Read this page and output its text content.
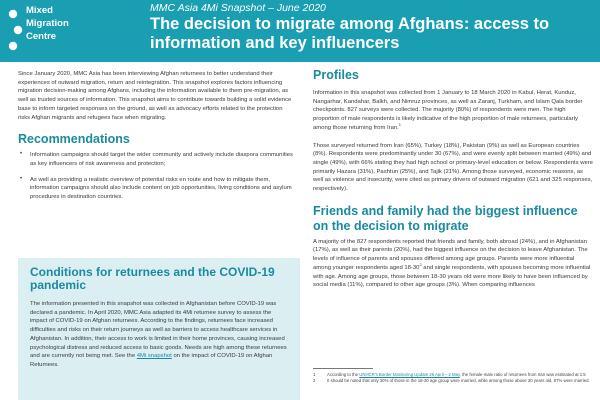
Mixed
Migration
Centre
MMC Asia 4Mi Snapshot – June 2020
The decision to migrate among Afghans: access to information and key influencers

Since January 2020, MMC Asia has been interviewing Afghan returnees to better understand their experiences of outward migration, return and reintegration. This snapshot explores factors influencing migration decision-making among Afghans, including the information available to them pre-migration, as well as trusted sources of information. This snapshot aims to contribute towards building a solid evidence base to inform targeted responses on the ground, as well as advocacy efforts related to the protection risks Afghan migrants and refugees face when migrating.

Recommendations
• Information campaigns should target the wider community and actively include diaspora communities as key influencers of risk awareness and protection;

• As well as providing a realistic overview of potential risks en route and how to mitigate them, information campaigns should also include content on job opportunities, living conditions and asylum procedures in destination countries.

Conditions for returnees and the COVID-19 pandemic

The information presented in this snapshot was collected in Afghanistan before COVID-19 was declared a pandemic. In April 2020, MMC Asia adapted its 4Mi returnee survey to assess the impact of COVID-19 on Afghan returnees. According to the findings, returnees face increased difficulties and risks on their return journeys as well as barriers to access healthcare services in Afghanistan. In addition, their access to work is limited in their home provinces, causing increased psychological distress and reduced access to basic goods. Needs are high among these returnees and are currently not being met. See the 4Mi snapshot on the impact of COVID-19 on Afghan Returnees.

Profiles

Information in this snapshot was collected from 1 January to 18 March 2020 in Kabul, Herat, Kunduz, Nangarhar, Kandahar, Balkh, and Nimruz provinces, as well as Zaranj, Turkham, and Islam Qala border checkpoints. 827 surveys were collected. The majority (80%) of respondents were men. The high proportion of male respondents is likely indicative of the high proportion of male returnees, particularly among those returning from Iran.$^1$

Those surveyed returned from Iran (65%), Turkey (18%), Pakistan (9%) as well as European countries (8%). Respondents were predominantly under 30 (67%), and were evenly split between married (49%) and single (49%), with 66% stating they had high school or primary-level education or below. Respondents were primarily Hazara (31%), Pashtun (25%), and Tajik (21%). Among those surveyed, economic reasons, as well as violence and insecurity, were cited as primary drivers of outward migration (621 and 325 responses, respectively).

Friends and family had the biggest influence on the decision to migrate

A majority of the 827 respondents reported that friends and family, both abroad (24%), and in Afghanistan (17%), as well as their parents (20%), had the biggest influence on the decision to leave Afghanistan. The levels of influence of parents and spouses differed among age groups. Parents were more influential among younger respondents aged $18-30^2$ and single respondents, with spouses becoming more influential with age. Among age groups, those between 18-30 years old were more likely to have been influenced by social media (11%), compared to other age groups (3%). When comparing influences

1	According to the UNHCR's Border Monitoring Update 26 April – 2 May, the female-male ratio of returnees from Iran was estimated at 1:5

2	It should be noted that only 30% of those in the 18-30 age group were married, while among those above 30 years old, 87% were married.
